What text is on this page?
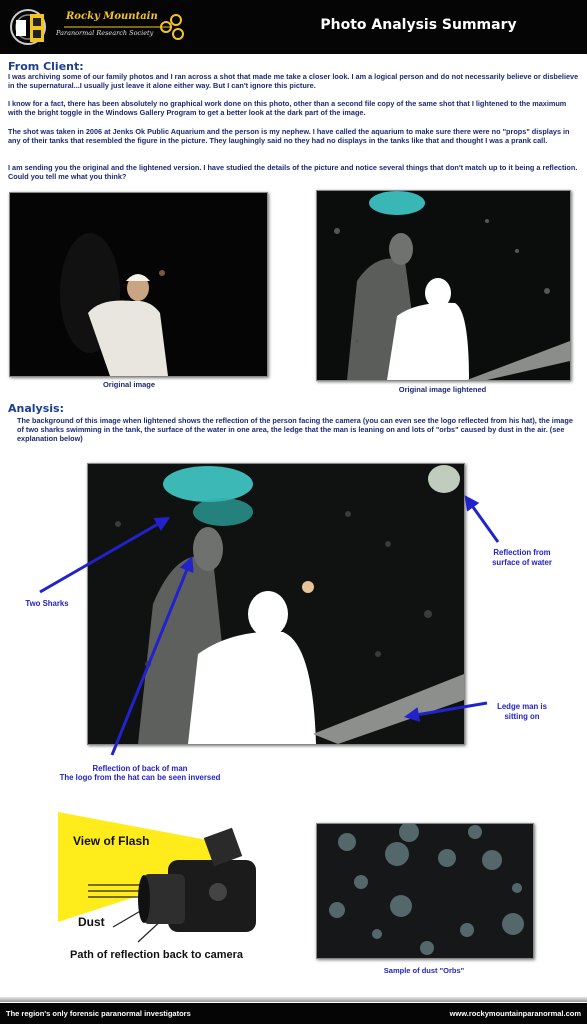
Rocky Mountain
Paranormal Research Society	Photo Analysis Summary
From Client:
I was archiving some of our family photos and I ran across a shot that made me take a closer look. I am a logical person and do not necessarily believe or disbelieve in the supernatural...I usually just leave it alone either way. But I can't ignore this picture.
I know for a fact, there has been absolutely no graphical work done on this photo, other than a second file copy of the same shot that I lightened to the maximum with the bright toggle in the Windows Gallery Program to get a better look at the dark part of the image.
The shot was taken in 2006 at Jenks Ok Public Aquarium and the person is my nephew. I have called the aquarium to make sure there were no "props" displays in any of their tanks that resembled the figure in the picture. They laughingly said no they had no displays in the tanks like that and thought I was a prank call.
I am sending you the original and the lightened version. I have studied the details of the picture and notice several things that don't match up to it being a reflection. Could you tell me what you think?
Original image
Original image lightened
Analysis:
The background of this image when lightened shows the reflection of the person facing the camera (you can even see the logo reflected from his hat), the image of two sharks swimming in the tank, the surface of the water in one area, the ledge that the man is leaning on and lots of "orbs" caused by dust in the air. (see explanation below)
Two Sharks
Reflection from surface of water
Ledge man is sitting on
Reflection of back of man
The logo from the hat can be seen inversed
View of Flash
Dust
Path of reflection back to camera
Sample of dust "Orbs"
The region's only forensic paranormal investigators	www.rockymountainparanormal.com
